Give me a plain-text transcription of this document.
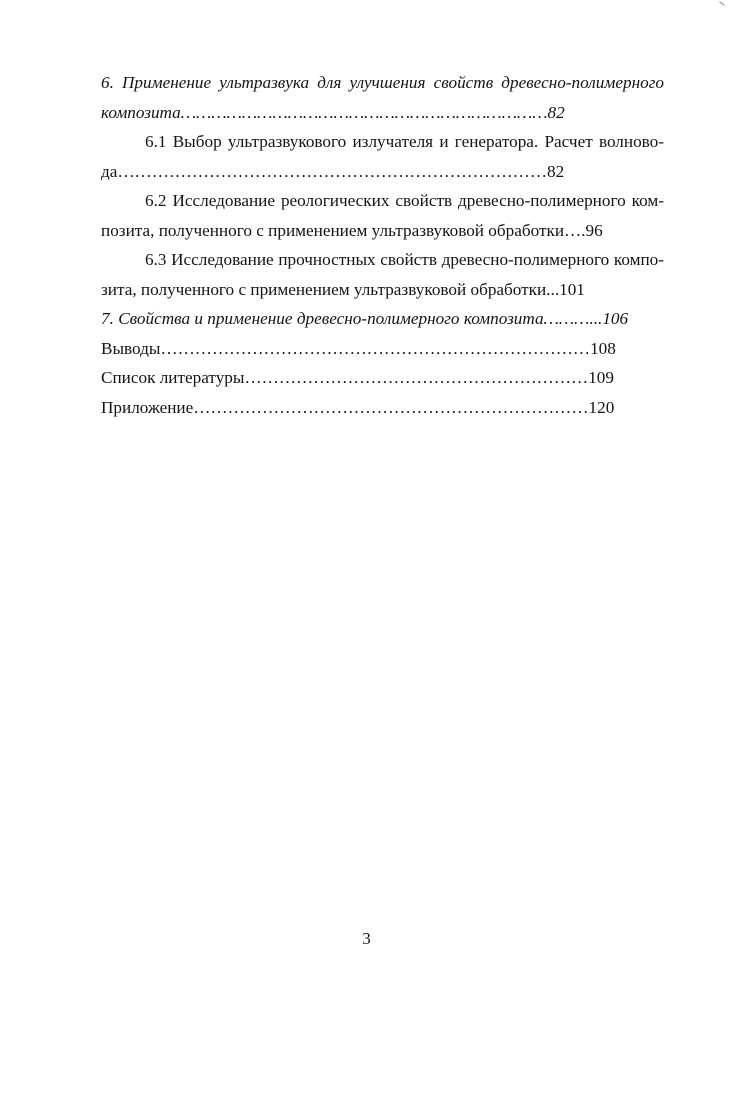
6. Применение ультразвука для улучшения свойств древесно-полимерного
композита………………………………………………………………82

6.1 Выбор ультразвукового излучателя и генератора. Расчет волново-
да…………………………………………………………………82

6.2 Исследование реологических свойств древесно-полимерного ком-
позита, полученного с применением ультразвуковой обработки….96

6.3 Исследование прочностных свойств древесно-полимерного компо-
зита, полученного с применением ультразвуковой обработки...101

7. Свойства и применение древесно-полимерного композита………...106

Выводы…………………………………………………………………108

Список литературы……………………………………………………109

Приложение……………………………………………………………120

3
